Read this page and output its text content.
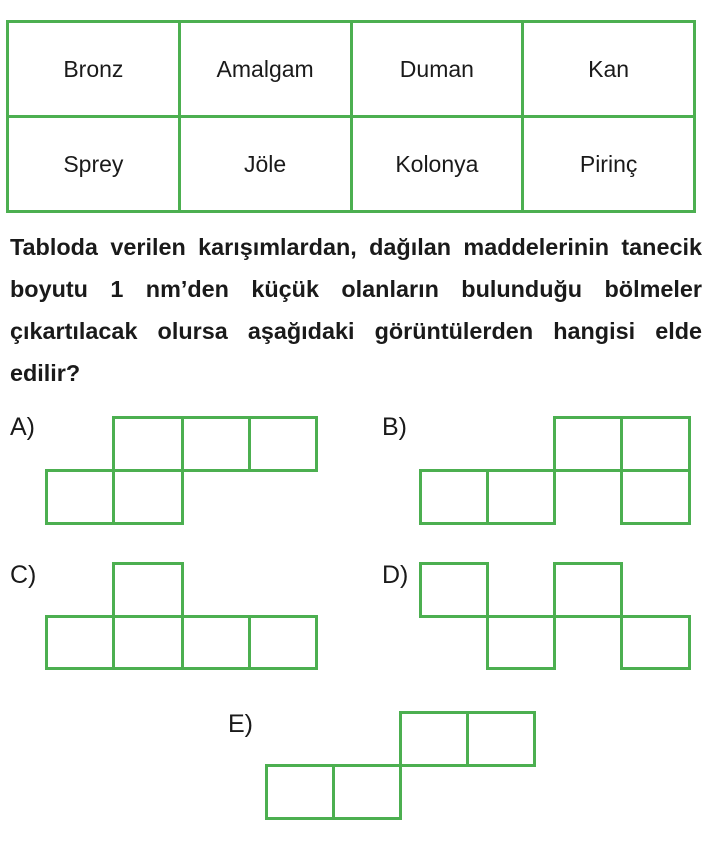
Bronz	Amalgam	Duman	Kan
Sprey	Jöle	Kolonya	Pirinç

Tabloda verilen karışımlardan, dağılan maddelerinin tanecik boyutu 1 nm’den küçük olanların bulunduğu bölmeler çıkartılacak olursa aşağıdaki görüntülerden hangisi elde edilir?

A)	B)
C)	D)
E)
